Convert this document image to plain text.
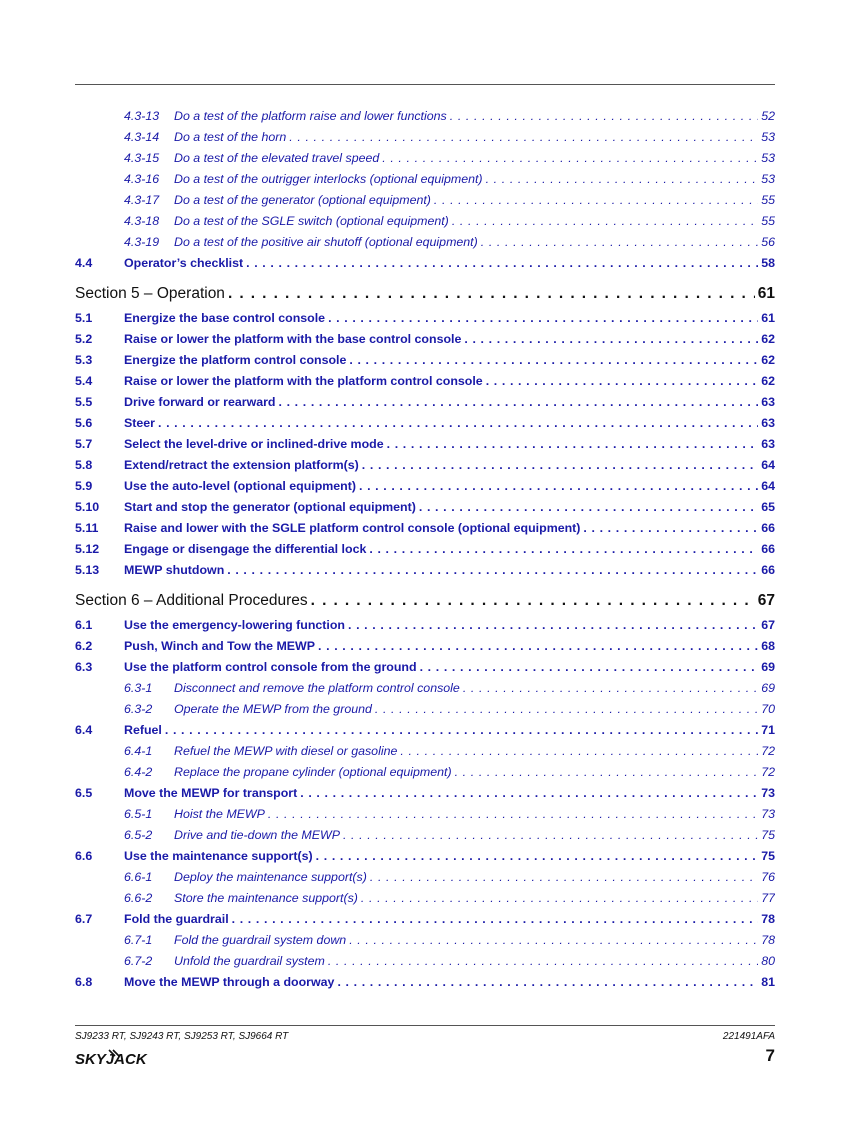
4.3-13	Do a test of the platform raise and lower functions . . .	52
4.3-14	Do a test of the horn . . .	53
4.3-15	Do a test of the elevated travel speed . . .	53
4.3-16	Do a test of the outrigger interlocks (optional equipment) . . .	53
4.3-17	Do a test of the generator (optional equipment) . . .	55
4.3-18	Do a test of the SGLE switch (optional equipment) . . .	55
4.3-19	Do a test of the positive air shutoff (optional equipment) . . .	56
4.4	Operator’s checklist . . .	58
Section 5 – Operation . . .	61
5.1	Energize the base control console . . .	61
5.2	Raise or lower the platform with the base control console . . .	62
5.3	Energize the platform control console . . .	62
5.4	Raise or lower the platform with the platform control console . . .	62
5.5	Drive forward or rearward . . .	63
5.6	Steer . . .	63
5.7	Select the level-drive or inclined-drive mode . . .	63
5.8	Extend/retract the extension platform(s) . . .	64
5.9	Use the auto-level (optional equipment) . . .	64
5.10	Start and stop the generator (optional equipment) . . .	65
5.11	Raise and lower with the SGLE platform control console (optional equipment) . . .	66
5.12	Engage or disengage the differential lock . . .	66
5.13	MEWP shutdown . . .	66
Section 6 – Additional Procedures . . .	67
6.1	Use the emergency-lowering function . . .	67
6.2	Push, Winch and Tow the MEWP . . .	68
6.3	Use the platform control console from the ground . . .	69
6.3-1	Disconnect and remove the platform control console . . .	69
6.3-2	Operate the MEWP from the ground . . .	70
6.4	Refuel . . .	71
6.4-1	Refuel the MEWP with diesel or gasoline . . .	72
6.4-2	Replace the propane cylinder (optional equipment) . . .	72
6.5	Move the MEWP for transport . . .	73
6.5-1	Hoist the MEWP . . .	73
6.5-2	Drive and tie-down the MEWP . . .	75
6.6	Use the maintenance support(s) . . .	75
6.6-1	Deploy the maintenance support(s) . . .	76
6.6-2	Store the maintenance support(s) . . .	77
6.7	Fold the guardrail . . .	78
6.7-1	Fold the guardrail system down . . .	78
6.7-2	Unfold the guardrail system . . .	80
6.8	Move the MEWP through a doorway . . .	81
SJ9233 RT, SJ9243 RT, SJ9253 RT, SJ9664 RT	221491AFA
SKYJACK	7
